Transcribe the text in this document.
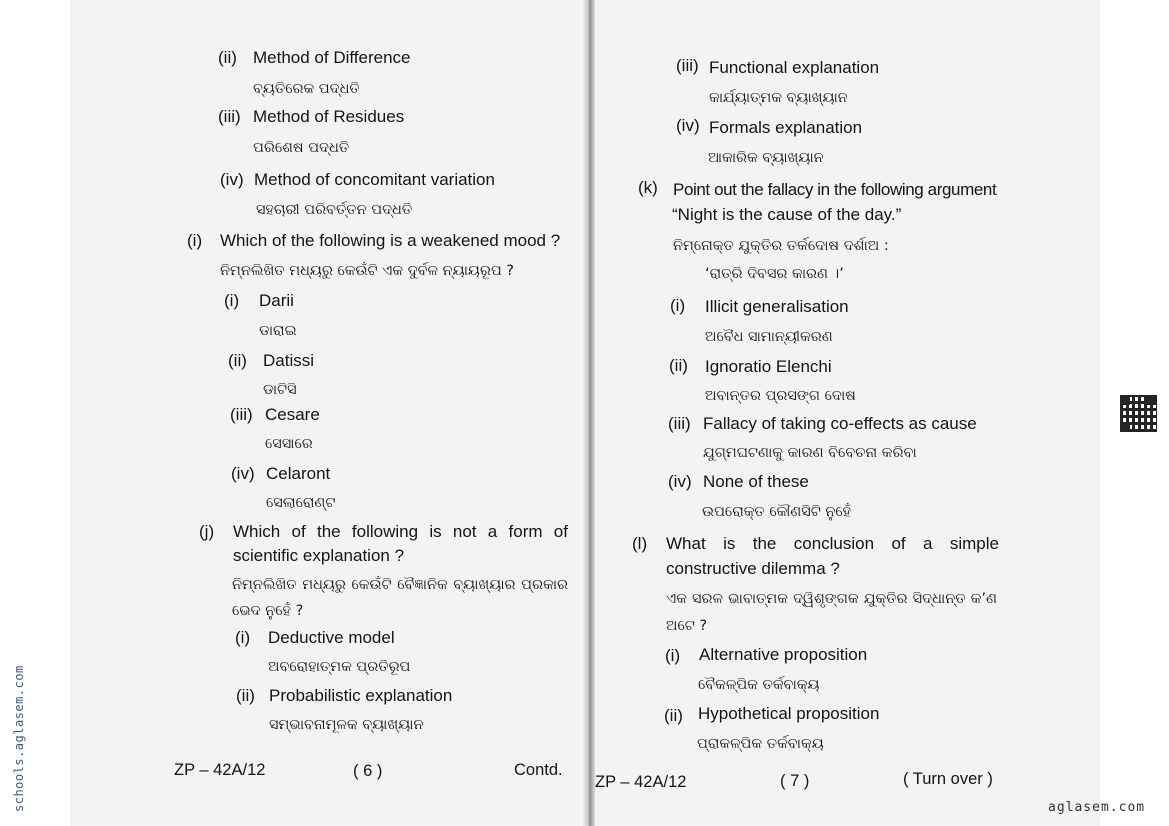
(ii) Method of Difference
ବ୍ୟତିରେକ ପଦ୍ଧତି
(iii) Method of Residues
ପରିଶେଷ ପଦ୍ଧତି
(iv) Method of concomitant variation
ସହଚାରୀ ପରିବର୍ତ୍ତନ ପଦ୍ଧତି
(i) Which of the following is a weakened mood ?
ନିମ୍ନଲିଖିତ ମଧ୍ୟରୁ କେଉଁଟି ଏକ ଦୁର୍ବଳ ନ୍ୟାୟରୂପ ?
(i) Darii
ଡାରାଇ
(ii) Datissi
ଡାଟିସି
(iii) Cesare
ସେସାରେ
(iv) Celaront
ସେଲାରୋଣ୍ଟ
(j) Which of the following is not a form of
scientific explanation ?
ନିମ୍ନଲିଖିତ ମଧ୍ୟରୁ କେଉଁଟି ବୈଜ୍ଞାନିକ ବ୍ୟାଖ୍ୟାର ପ୍ରକାର
ଭେଦ ନୁହେଁ ?
(i) Deductive model
ଅବରୋହାତ୍ମକ ପ୍ରତିରୂପ
(ii) Probabilistic explanation
ସମ୍ଭାବନାମୂଳକ ବ୍ୟାଖ୍ୟାନ
ZP – 42A/12	( 6 )	Contd.
(iii) Functional explanation
କାର୍ଯ୍ୟାତ୍ମକ ବ୍ୟାଖ୍ୟାନ
(iv) Formals explanation
ଆକାରିକ ବ୍ୟାଖ୍ୟାନ
(k) Point out the fallacy in the following argument
“Night is the cause of the day.”
ନିମ୍ନୋକ୍ତ ଯୁକ୍ତିର ତର୍କଦୋଷ ଦର୍ଶାଅ :
‘ରାତ୍ରି ଦିବସର କାରଣ ।’
(i) Illicit generalisation
ଅବୈଧ ସାମାନ୍ୟୀକରଣ
(ii) Ignoratio Elenchi
ଅବାନ୍ତର ପ୍ରସଙ୍ଗ ଦୋଷ
(iii) Fallacy of taking co-effects as cause
ଯୁଗ୍ମଘଟଣାକୁ କାରଣ ବିବେଚନା କରିବା
(iv) None of these
ଉପରୋକ୍ତ କୌଣସିଟି ନୁହେଁ
(l) What is the conclusion of a simple
constructive dilemma ?
ଏକ ସରଳ ଭାବାତ୍ମକ ଦ୍ୱିଶୃଙ୍ଗକ ଯୁକ୍ତିର ସିଦ୍ଧାନ୍ତ କ’ଣ
ଅଟେ ?
(i) Alternative proposition
ବୈକଳ୍ପିକ ତର୍କବାକ୍ୟ
(ii) Hypothetical proposition
ପ୍ରାକଳ୍ପିକ ତର୍କବାକ୍ୟ
ZP – 42A/12	( 7 )	( Turn over )
schools.aglasem.com	aglasem.com
